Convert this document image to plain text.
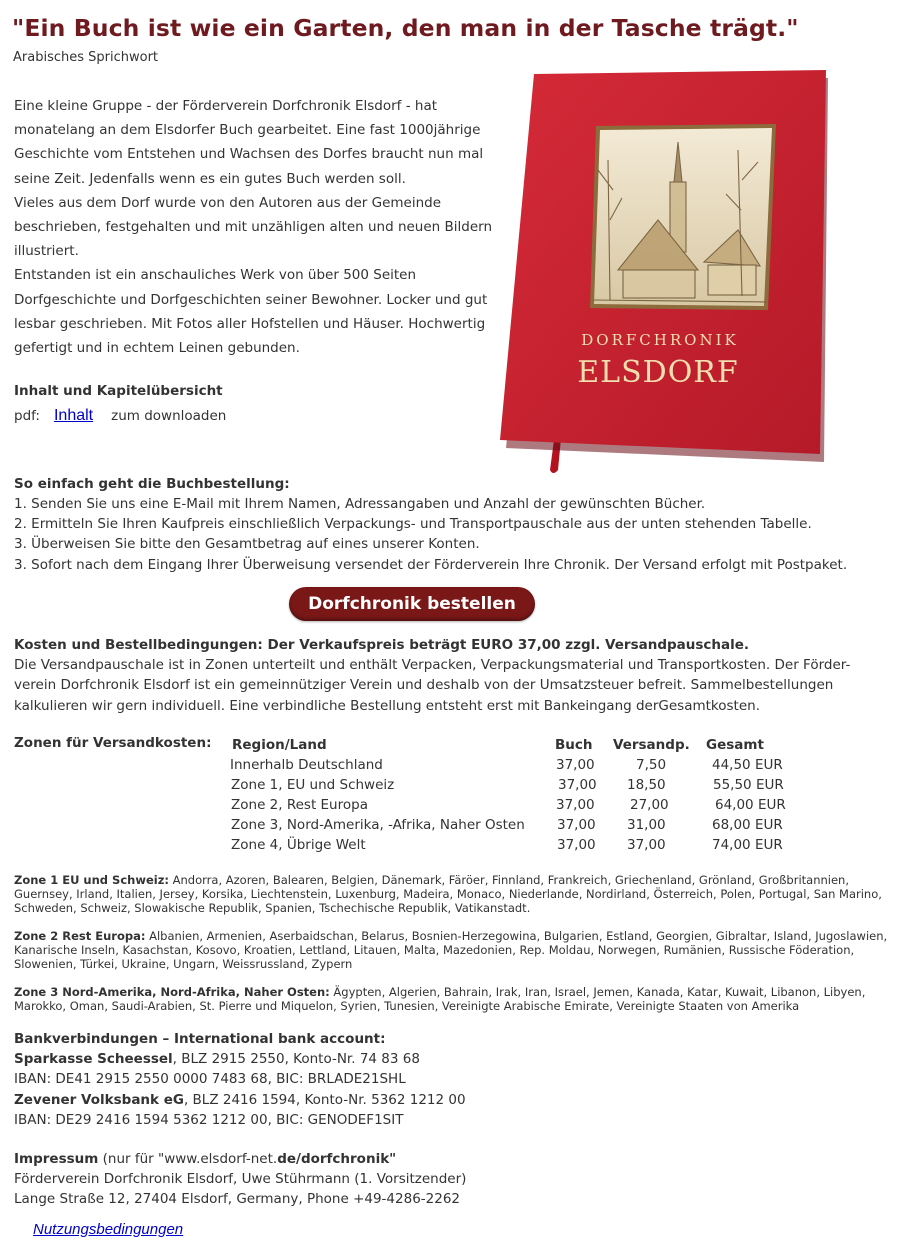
"Ein Buch ist wie ein Garten, den man in der Tasche trägt."
Arabisches Sprichwort

Eine kleine Gruppe - der Förderverein Dorfchronik Elsdorf - hat monatelang an dem Elsdorfer Buch gearbeitet. Eine fast 1000jährige Geschichte vom Entstehen und Wachsen des Dorfes braucht nun mal seine Zeit. Jedenfalls wenn es ein gutes Buch werden soll.

Vieles aus dem Dorf wurde von den Autoren aus der Gemeinde beschrieben, festgehalten und mit unzähligen alten und neuen Bildern illustriert.

Entstanden ist ein anschauliches Werk von über 500 Seiten Dorfgeschichte und Dorfgeschichten seiner Bewohner. Locker und gut lesbar geschrieben. Mit Fotos aller Hofstellen und Häuser. Hochwertig gefertigt und in echtem Leinen gebunden.

Inhalt und Kapitelübersicht
pdf: Inhalt zum downloaden
DORFCHRONIK
ELSDORF
So einfach geht die Buchbestellung:
1. Senden Sie uns eine E-Mail mit Ihrem Namen, Adressangaben und Anzahl der gewünschten Bücher.
2. Ermitteln Sie Ihren Kaufpreis einschließlich Verpackungs- und Transportpauschale aus der unten stehenden Tabelle.
3. Überweisen Sie bitte den Gesamtbetrag auf eines unserer Konten.
3. Sofort nach dem Eingang Ihrer Überweisung versendet der Förderverein Ihre Chronik. Der Versand erfolgt mit Postpaket.
Dorfchronik bestellen

Kosten und Bestellbedingungen: Der Verkaufspreis beträgt EURO 37,00 zzgl. Versandpauschale.

Die Versandpauschale ist in Zonen unterteilt und enthält Verpacken, Verpackungsmaterial und Transportkosten. Der Förder-

verein Dorfchronik Elsdorf ist ein gemeinnütziger Verein und deshalb von der Umsatzsteuer befreit. Sammelbestellungen

kalkulieren wir gern individuell. Eine verbindliche Bestellung entsteht erst mit Bankeingang derGesamtkosten.

Zonen für Versandkosten: Region/Land	Buch Versandp. Gesamt
Innerhalb Deutschland	37,00	7,50	44,50 EUR
Zone 1, EU und Schweiz	37,00 18,50	55,50 EUR
Zone 2, Rest Europa	37,00	27,00	64,00 EUR
Zone 3, Nord-Amerika, -Afrika, Naher Osten 37,00 31,00	68,00 EUR
Zone 4, Übrige Welt	37,00 37,00	74,00 EUR
Zone 1 EU und Schweiz: Andorra, Azoren, Balearen, Belgien, Dänemark, Färöer, Finnland, Frankreich, Griechenland, Grönland, Großbritannien, Guernsey, Irland, Italien, Jersey, Korsika, Liechtenstein, Luxenburg, Madeira, Monaco, Niederlande, Nordirland, Österreich, Polen, Portugal, San Marino, Schweden, Schweiz, Slowakische Republik, Spanien, Tschechische Republik, Vatikanstadt.
Zone 2 Rest Europa: Albanien, Armenien, Aserbaidschan, Belarus, Bosnien-Herzegowina, Bulgarien, Estland, Georgien, Gibraltar, Island, Jugoslawien, Kanarische Inseln, Kasachstan, Kosovo, Kroatien, Lettland, Litauen, Malta, Mazedonien, Rep. Moldau, Norwegen, Rumänien, Russische Föderation, Slowenien, Türkei, Ukraine, Ungarn, Weissrussland, Zypern
Zone 3 Nord-Amerika, Nord-Afrika, Naher Osten: Ägypten, Algerien, Bahrain, Irak, Iran, Israel, Jemen, Kanada, Katar, Kuwait, Libanon, Libyen, Marokko, Oman, Saudi-Arabien, St. Pierre und Miquelon, Syrien, Tunesien, Vereinigte Arabische Emirate, Vereinigte Staaten von Amerika
Bankverbindungen – International bank account:
Sparkasse Scheessel, BLZ 2915 2550, Konto-Nr. 74 83 68
IBAN: DE41 2915 2550 0000 7483 68, BIC: BRLADE21SHL
Zevener Volksbank eG, BLZ 2416 1594, Konto-Nr. 5362 1212 00
IBAN: DE29 2416 1594 5362 1212 00, BIC: GENODEF1SIT
Impressum (nur für "www.elsdorf-net.de/dorfchronik"
Förderverein Dorfchronik Elsdorf, Uwe Stührmann (1. Vorsitzender)
Lange Straße 12, 27404 Elsdorf, Germany, Phone +49-4286-2262
Nutzungsbedingungen
